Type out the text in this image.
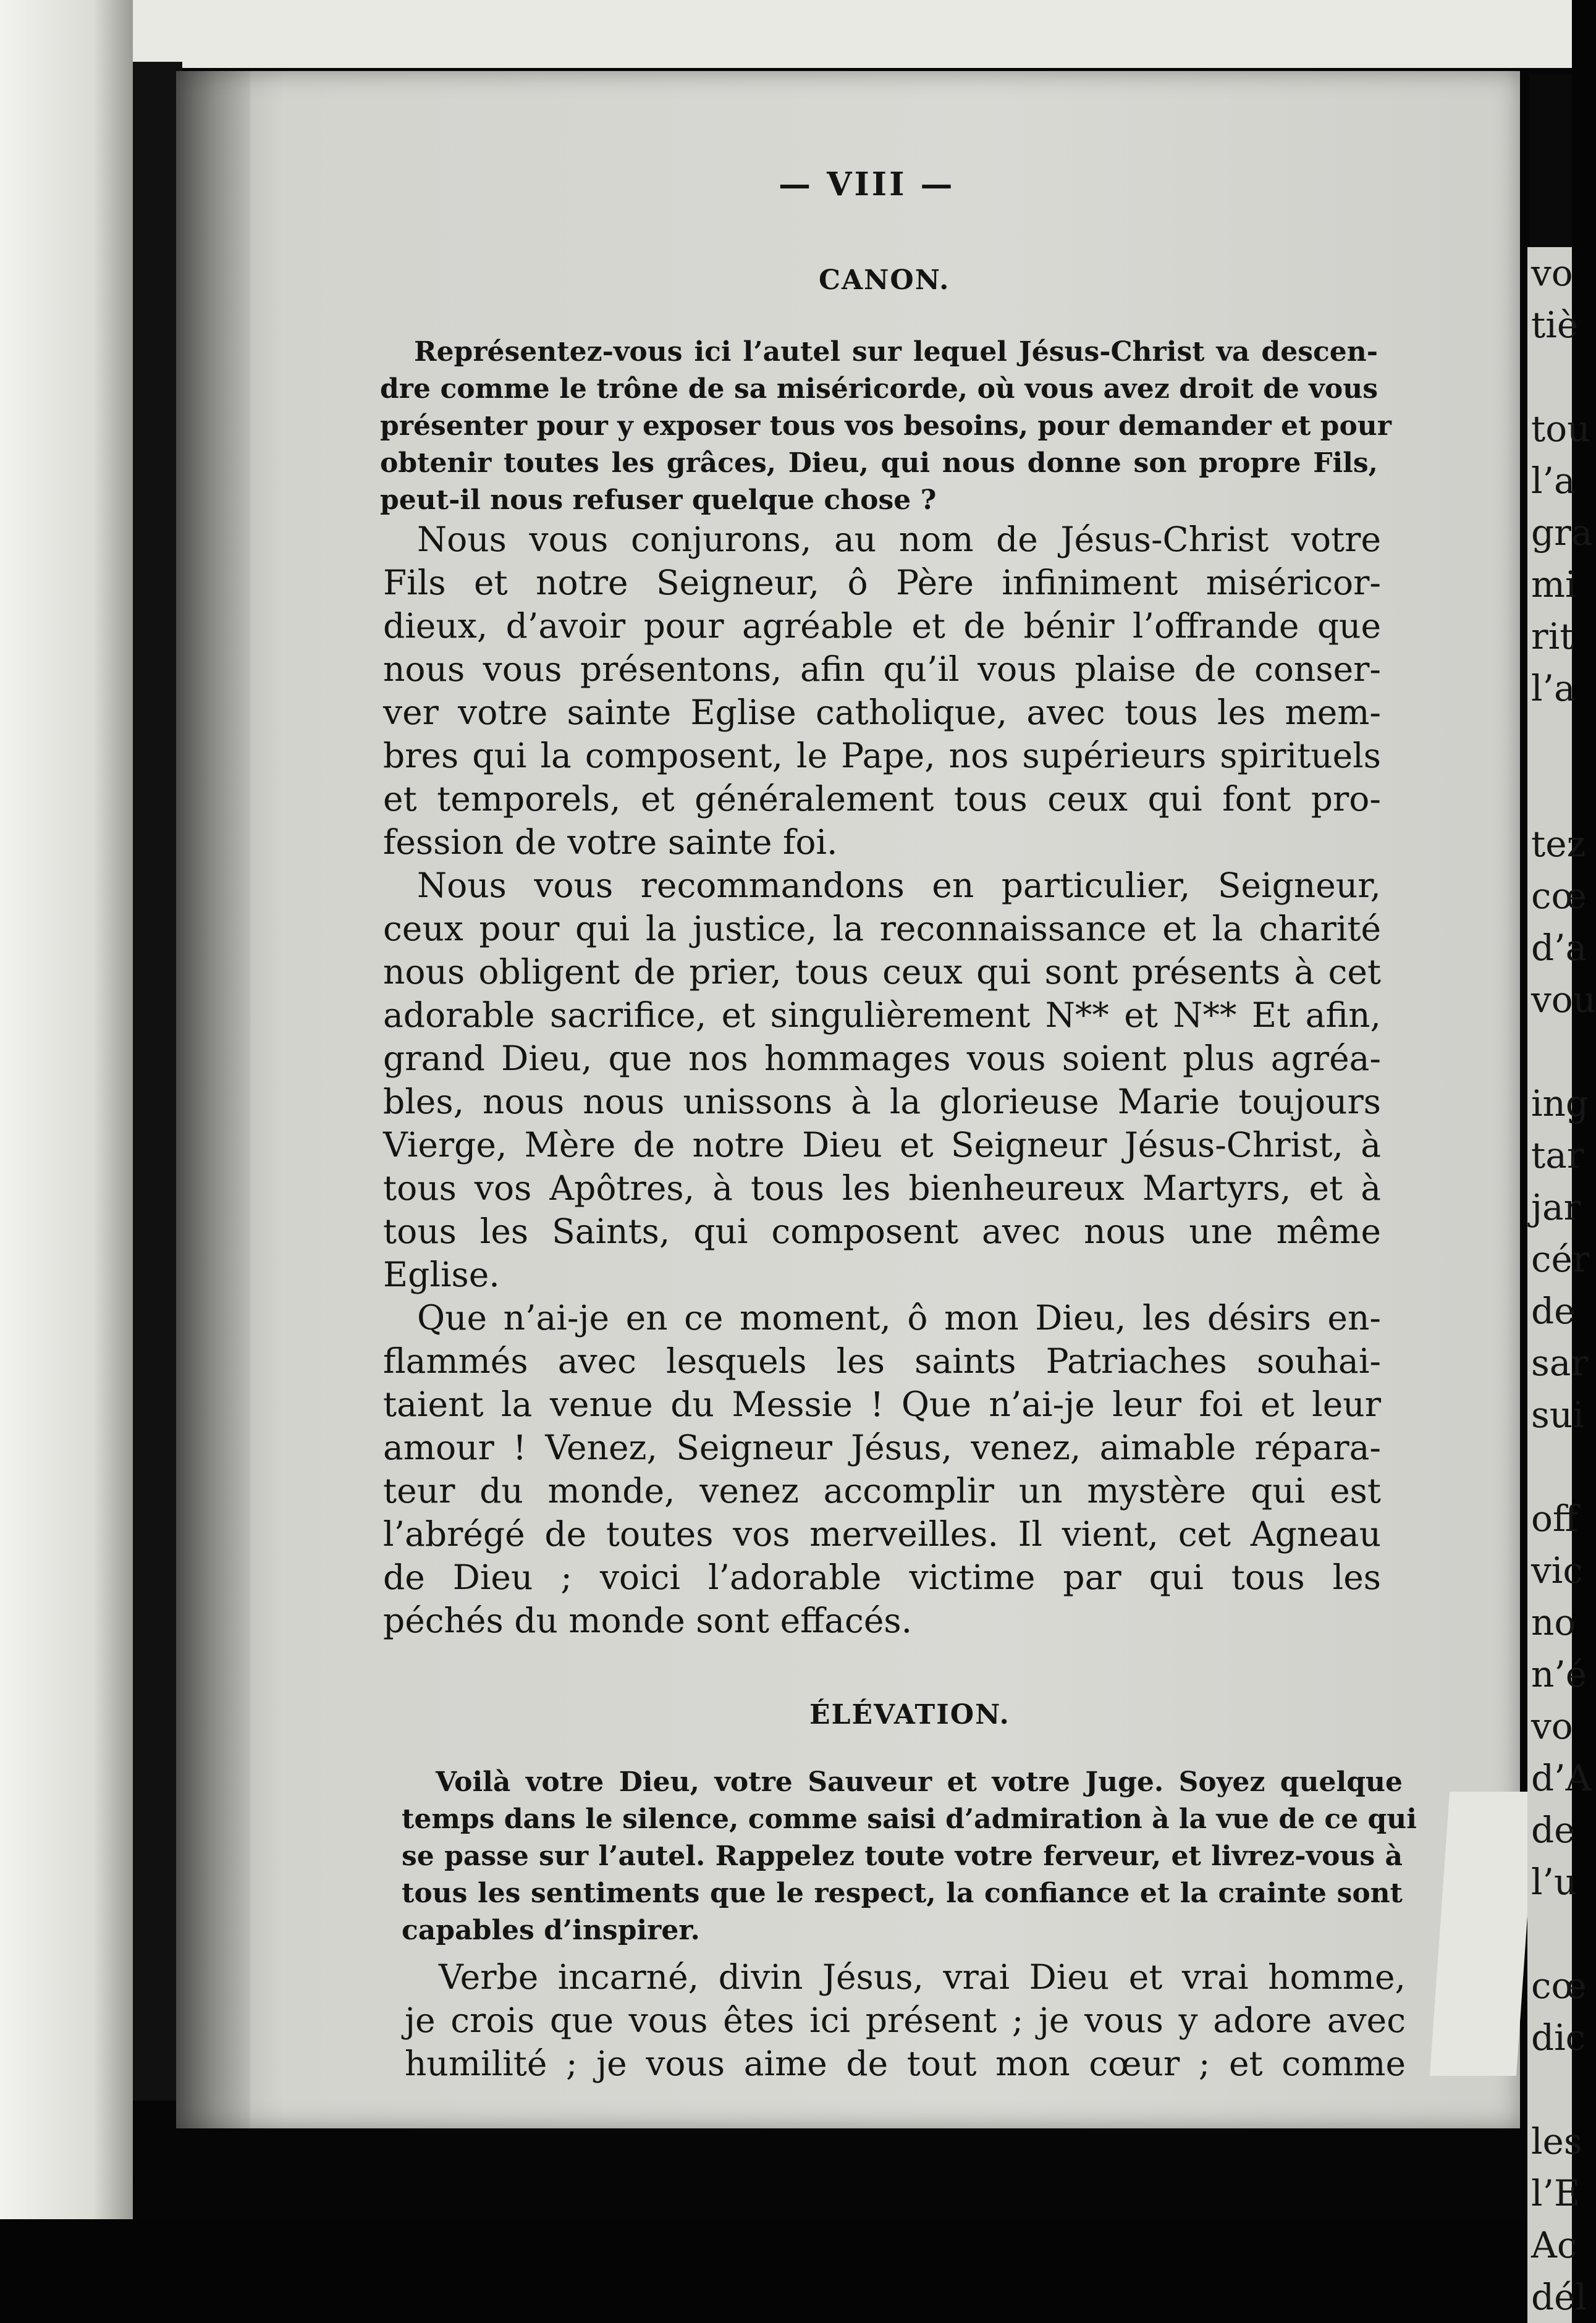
vo
tiè
tou
l’a
gra
mi
rit
l’a
tez
cœ
d’a
vou
ing
tar
jar
cér
de
sar
sui
off
vic
no
n’é
vo
d’A
de
l’u
cœ
dic
les
l’E
Ac
dél
— VIII —
CANON.
Représentez-vous ici l’autel sur lequel Jésus-Christ va descen-
dre comme le trône de sa miséricorde, où vous avez droit de vous
présenter pour y exposer tous vos besoins, pour demander et pour
obtenir toutes les grâces, Dieu, qui nous donne son propre Fils,
peut-il nous refuser quelque chose ?
Nous vous conjurons, au nom de Jésus-Christ votre
Fils et notre Seigneur, ô Père infiniment miséricor-
dieux, d’avoir pour agréable et de bénir l’offrande que
nous vous présentons, afin qu’il vous plaise de conser-
ver votre sainte Eglise catholique, avec tous les mem-
bres qui la composent, le Pape, nos supérieurs spirituels
et temporels, et généralement tous ceux qui font pro-
fession de votre sainte foi.
Nous vous recommandons en particulier, Seigneur,
ceux pour qui la justice, la reconnaissance et la charité
nous obligent de prier, tous ceux qui sont présents à cet
adorable sacrifice, et singulièrement N** et N** Et afin,
grand Dieu, que nos hommages vous soient plus agréa-
bles, nous nous unissons à la glorieuse Marie toujours
Vierge, Mère de notre Dieu et Seigneur Jésus-Christ, à
tous vos Apôtres, à tous les bienheureux Martyrs, et à
tous les Saints, qui composent avec nous une même
Eglise.
Que n’ai-je en ce moment, ô mon Dieu, les désirs en-
flammés avec lesquels les saints Patriaches souhai-
taient la venue du Messie ! Que n’ai-je leur foi et leur
amour ! Venez, Seigneur Jésus, venez, aimable répara-
teur du monde, venez accomplir un mystère qui est
l’abrégé de toutes vos merveilles. Il vient, cet Agneau
de Dieu ; voici l’adorable victime par qui tous les
péchés du monde sont effacés.
ÉLÉVATION.
Voilà votre Dieu, votre Sauveur et votre Juge. Soyez quelque
temps dans le silence, comme saisi d’admiration à la vue de ce qui
se passe sur l’autel. Rappelez toute votre ferveur, et livrez-vous à
tous les sentiments que le respect, la confiance et la crainte sont
capables d’inspirer.
Verbe incarné, divin Jésus, vrai Dieu et vrai homme,
je crois que vous êtes ici présent ; je vous y adore avec
humilité ; je vous aime de tout mon cœur ; et comme
